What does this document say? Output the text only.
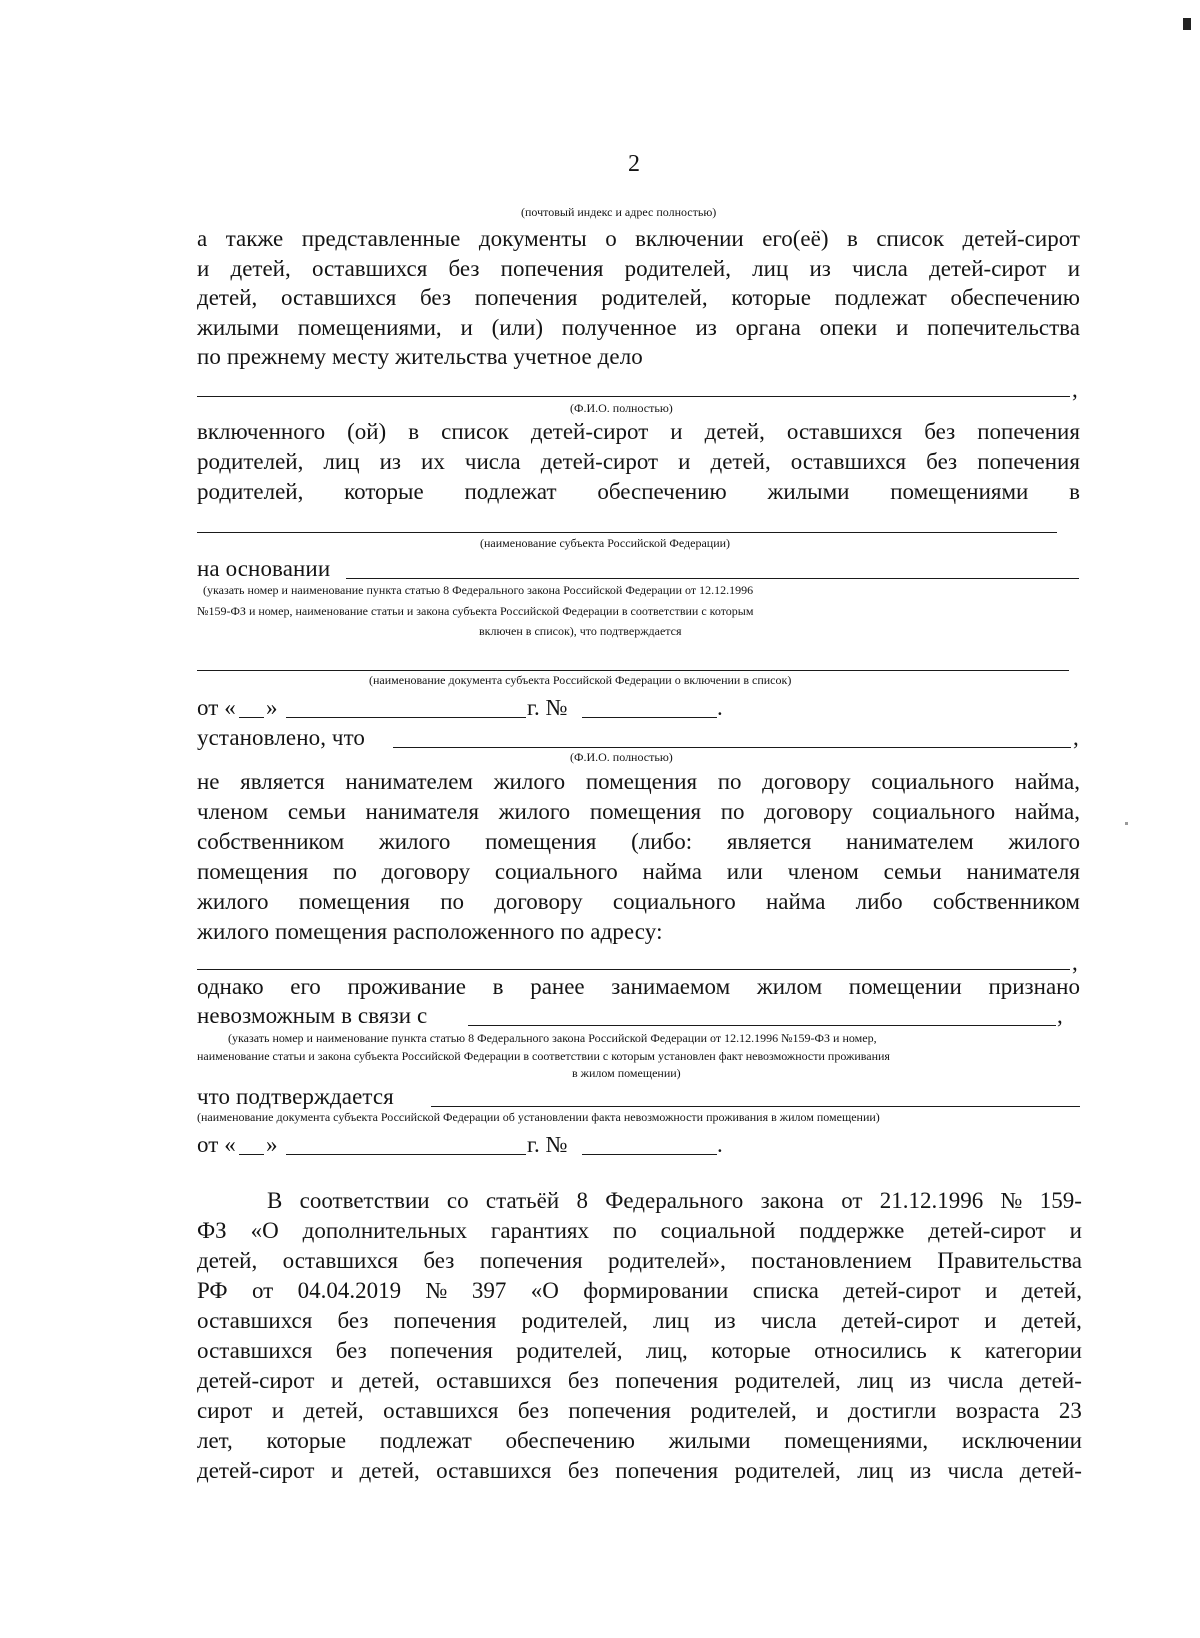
2
(почтовый индекс и адрес полностью)
а также представленные документы о включении его(её) в список детей-сирот
и детей, оставшихся без попечения родителей, лиц из числа детей-сирот и
детей, оставшихся без попечения родителей, которые подлежат обеспечению
жилыми помещениями, и (или) полученное из органа опеки и попечительства
по прежнему месту жительства учетное дело
,
(Ф.И.О. полностью)
включенного (ой) в список детей-сирот и детей, оставшихся без попечения
родителей, лиц из их числа детей-сирот и детей, оставшихся без попечения
родителей, которые подлежат обеспечению жилыми помещениями в
(наименование субъекта Российской Федерации)
на основании
(указать номер и наименование пункта статью 8 Федерального закона Российской Федерации от 12.12.1996
№159-ФЗ и номер, наименование статьи и закона субъекта Российской Федерации в соответствии с которым
включен в список), что подтверждается
(наименование документа субъекта Российской Федерации о включении в список)
от « »	г. №	.
установлено, что	,
(Ф.И.О. полностью)
не является нанимателем жилого помещения по договору социального найма,
членом семьи нанимателя жилого помещения по договору социального найма,
собственником жилого помещения (либо: является нанимателем жилого
помещения по договору социального найма или членом семьи нанимателя
жилого помещения по договору социального найма либо собственником
жилого помещения расположенного по адресу:
,
однако его проживание в ранее занимаемом жилом помещении признано
невозможным в связи с	,
(указать номер и наименование пункта статью 8 Федерального закона Российской Федерации от 12.12.1996 №159-ФЗ и номер,
наименование статьи и закона субъекта Российской Федерации в соответствии с которым установлен факт невозможности проживания
в жилом помещении)
что подтверждается
(наименование документа субъекта Российской Федерации об установлении факта невозможности проживания в жилом помещении)
от « »	г. №	.
В соответствии со статьёй 8 Федерального закона от 21.12.1996 № 159-
ФЗ «О дополнительных гарантиях по социальной поддержке детей-сирот и
детей, оставшихся без попечения родителей», постановлением Правительства
РФ от 04.04.2019 № 397 «О формировании списка детей-сирот и детей,
оставшихся без попечения родителей, лиц из числа детей-сирот и детей,
оставшихся без попечения родителей, лиц, которые относились к категории
детей-сирот и детей, оставшихся без попечения родителей, лиц из числа детей-
сирот и детей, оставшихся без попечения родителей, и достигли возраста 23
лет, которые подлежат обеспечению жилыми помещениями, исключении
детей-сирот и детей, оставшихся без попечения родителей, лиц из числа детей-
